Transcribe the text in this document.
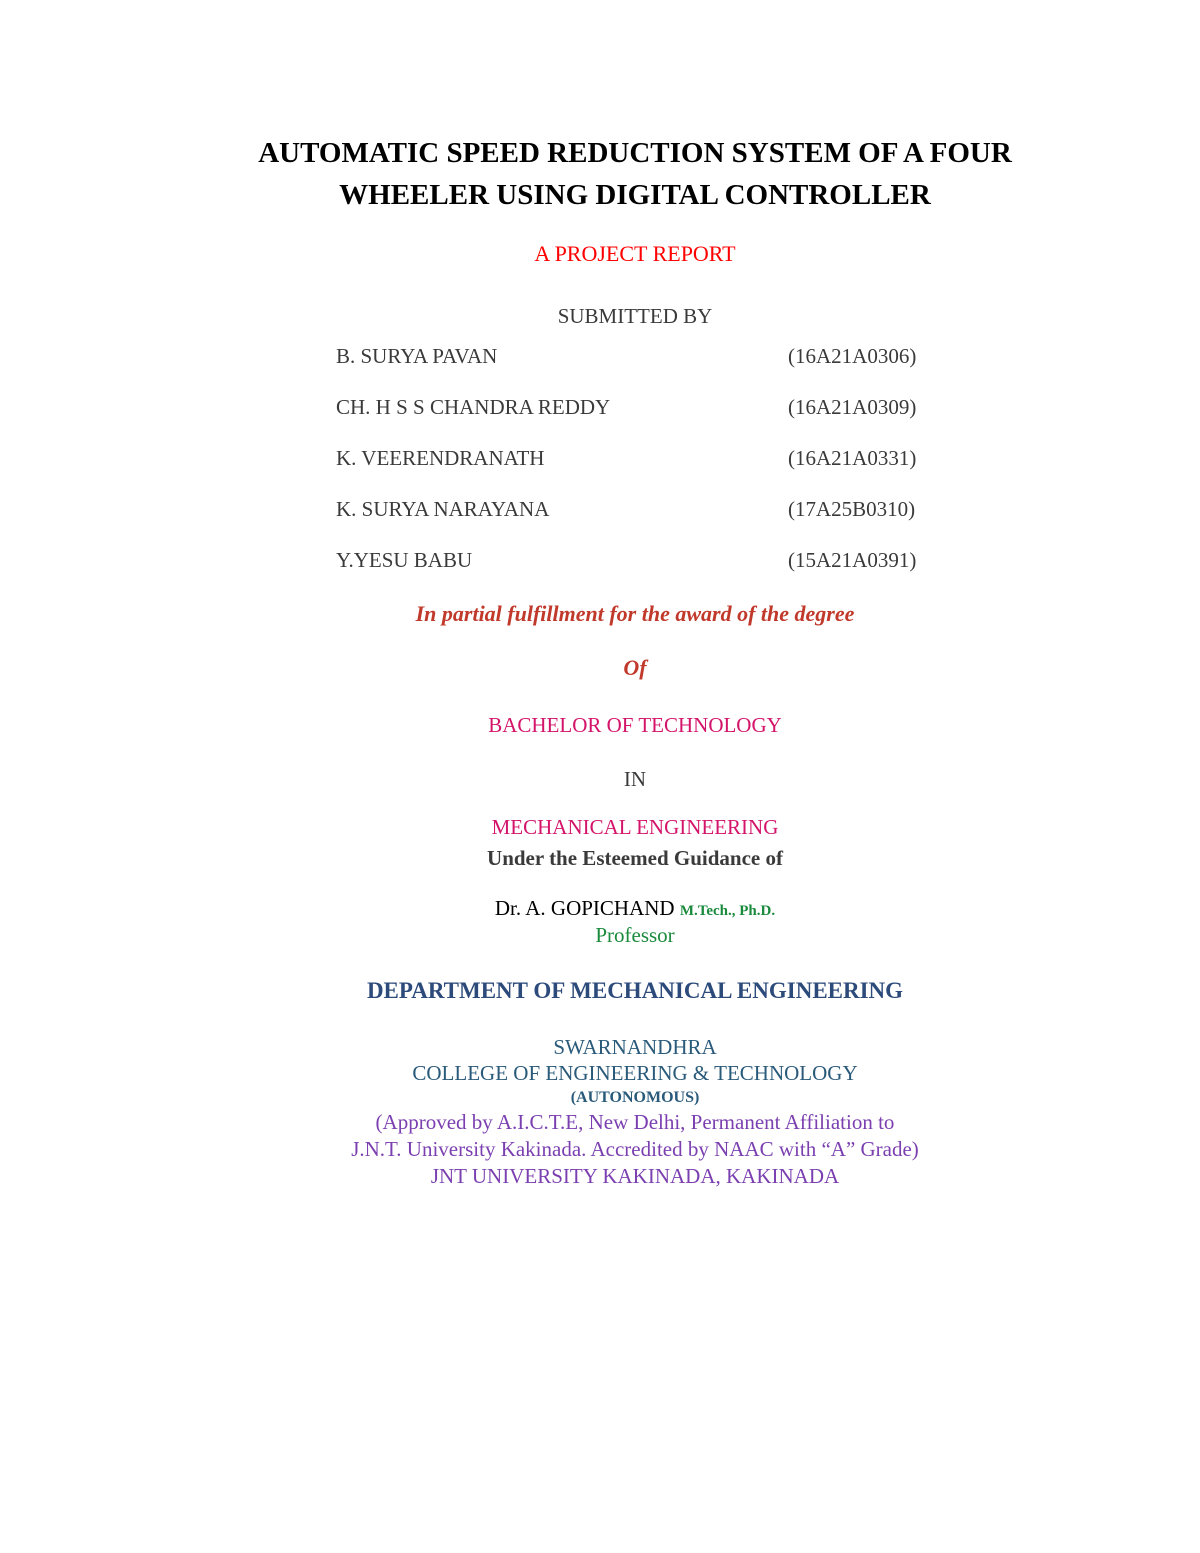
AUTOMATIC SPEED REDUCTION SYSTEM OF A FOUR
WHEELER USING DIGITAL CONTROLLER
A PROJECT REPORT
SUBMITTED BY
B. SURYA PAVAN	(16A21A0306)
CH. H S S CHANDRA REDDY	(16A21A0309)
K. VEERENDRANATH	(16A21A0331)
K. SURYA NARAYANA	(17A25B0310)
Y.YESU BABU	(15A21A0391)
In partial fulfillment for the award of the degree
Of
BACHELOR OF TECHNOLOGY
IN
MECHANICAL ENGINEERING
Under the Esteemed Guidance of
Dr. A. GOPICHAND M.Tech., Ph.D.
Professor
DEPARTMENT OF MECHANICAL ENGINEERING
SWARNANDHRA
COLLEGE OF ENGINEERING & TECHNOLOGY
(AUTONOMOUS)
(Approved by A.I.C.T.E, New Delhi, Permanent Affiliation to
J.N.T. University Kakinada. Accredited by NAAC with “A” Grade)
JNT UNIVERSITY KAKINADA, KAKINADA
